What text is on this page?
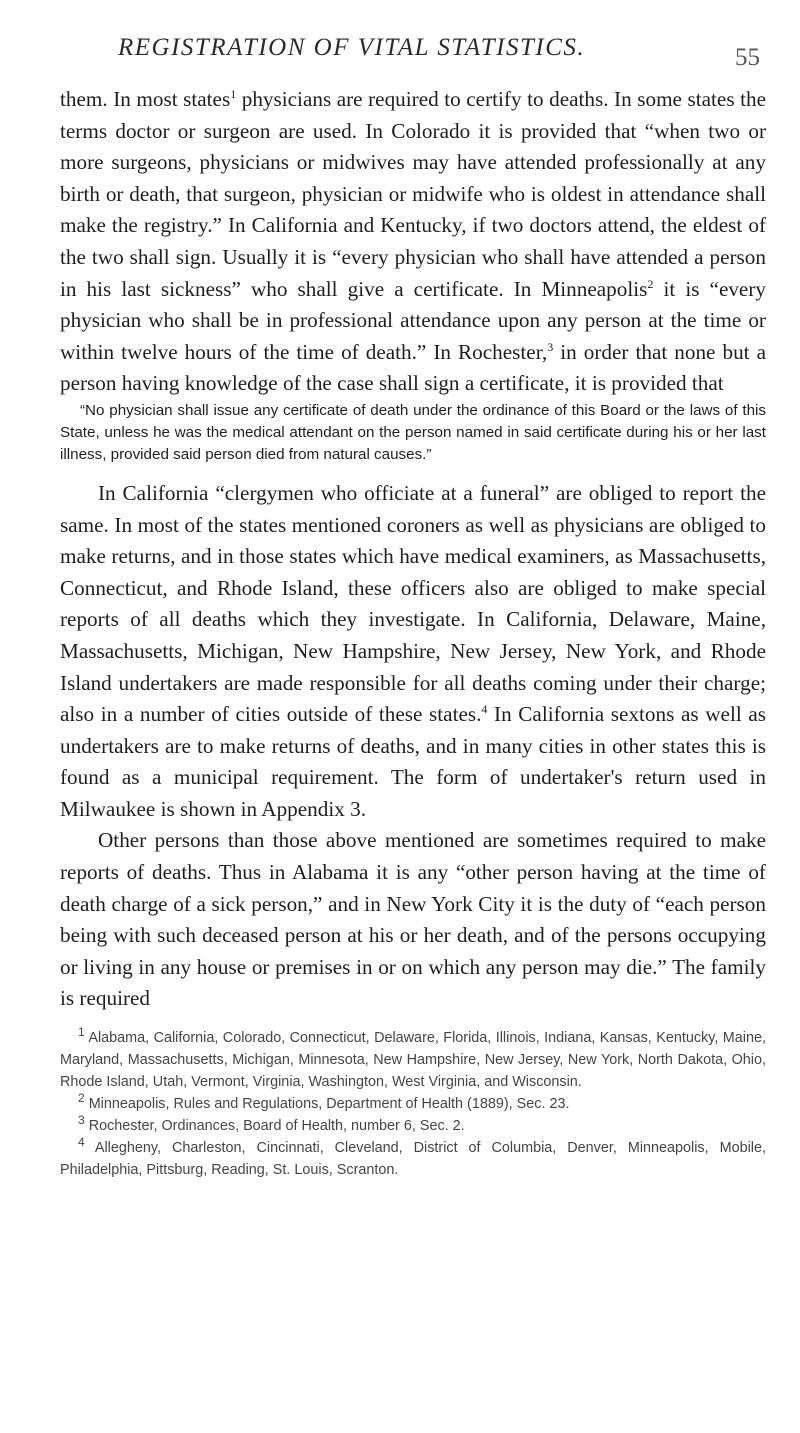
REGISTRATION OF VITAL STATISTICS.	55

them. In most states$^1$ physicians are required to certify to deaths. In some states the terms doctor or surgeon are used. In Colorado it is provided that “when two or more surgeons, physicians or midwives may have attended professionally at any birth or death, that surgeon, physician or midwife who is oldest in attendance shall make the registry.” In California and Kentucky, if two doctors attend, the eldest of the two shall sign. Usually it is “every physician who shall have attended a person in his last sickness” who shall give a certificate. In Minneapolis$^2$ it is “every physician who shall be in professional attendance upon any person at the time or within twelve hours of the time of death.” In Rochester,$^3$ in order that none but a person having knowledge of the case shall sign a certificate, it is provided that

“No physician shall issue any certificate of death under the ordinance of this Board or the laws of this State, unless he was the medical attendant on the person named in said certificate during his or her last illness, provided said person died from natural causes.”

In California “clergymen who officiate at a funeral” are obliged to report the same. In most of the states mentioned coroners as well as physicians are obliged to make returns, and in those states which have medical examiners, as Massachusetts, Connecticut, and Rhode Island, these officers also are obliged to make special reports of all deaths which they investigate. In California, Delaware, Maine, Massachusetts, Michigan, New Hampshire, New Jersey, New York, and Rhode Island undertakers are made responsible for all deaths coming under their charge; also in a number of cities outside of these states.$^4$ In California sextons as well as undertakers are to make returns of deaths, and in many cities in other states this is found as a municipal requirement. The form of undertaker's return used in Milwaukee is shown in Appendix 3.

Other persons than those above mentioned are sometimes required to make reports of deaths. Thus in Alabama it is any “other person having at the time of death charge of a sick person,” and in New York City it is the duty of “each person being with such deceased person at his or her death, and of the persons occupying or living in any house or premises in or on which any person may die.” The family is required

$^1$ Alabama, California, Colorado, Connecticut, Delaware, Florida, Illinois, Indiana, Kansas, Kentucky, Maine, Maryland, Massachusetts, Michigan, Minnesota, New Hampshire, New Jersey, New York, North Dakota, Ohio, Rhode Island, Utah, Vermont, Virginia, Washington, West Virginia, and Wisconsin.

$^2$ Minneapolis, Rules and Regulations, Department of Health (1889), Sec. 23.

$^3$ Rochester, Ordinances, Board of Health, number 6, Sec. 2.

$^4$ Allegheny, Charleston, Cincinnati, Cleveland, District of Columbia, Denver, Minneapolis, Mobile, Philadelphia, Pittsburg, Reading, St. Louis, Scranton.
